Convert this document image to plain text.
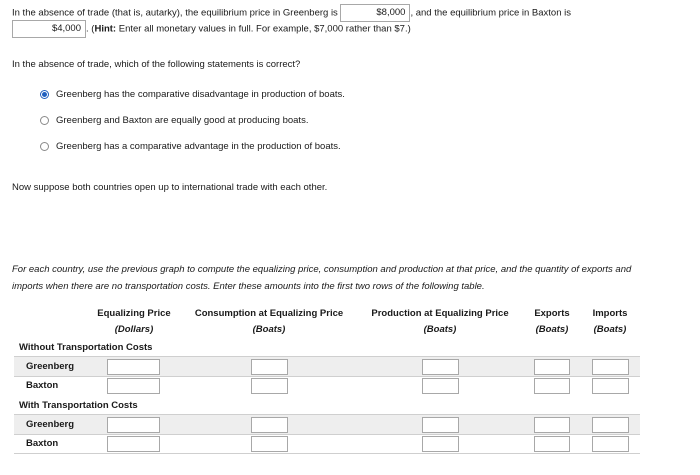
In the absence of trade (that is, autarky), the equilibrium price in Greenberg is	$8,000 , and the equilibrium price in Baxton is
$4,000 . (Hint: Enter all monetary values in full. For example, $7,000 rather than $7.)
In the absence of trade, which of the following statements is correct?
Greenberg has the comparative disadvantage in production of boats.
Greenberg and Baxton are equally good at producing boats.
Greenberg has a comparative advantage in the production of boats.
Now suppose both countries open up to international trade with each other.
For each country, use the previous graph to compute the equalizing price, consumption and production at that price, and the quantity of exports and
imports when there are no transportation costs. Enter these amounts into the first two rows of the following table.
Equalizing Price
(Dollars)
Consumption at Equalizing Price
(Boats)
Production at Equalizing Price
(Boats)
Exports
(Boats)
Imports
(Boats)
Without Transportation Costs
Greenberg
Baxton
With Transportation Costs
Greenberg
Baxton
